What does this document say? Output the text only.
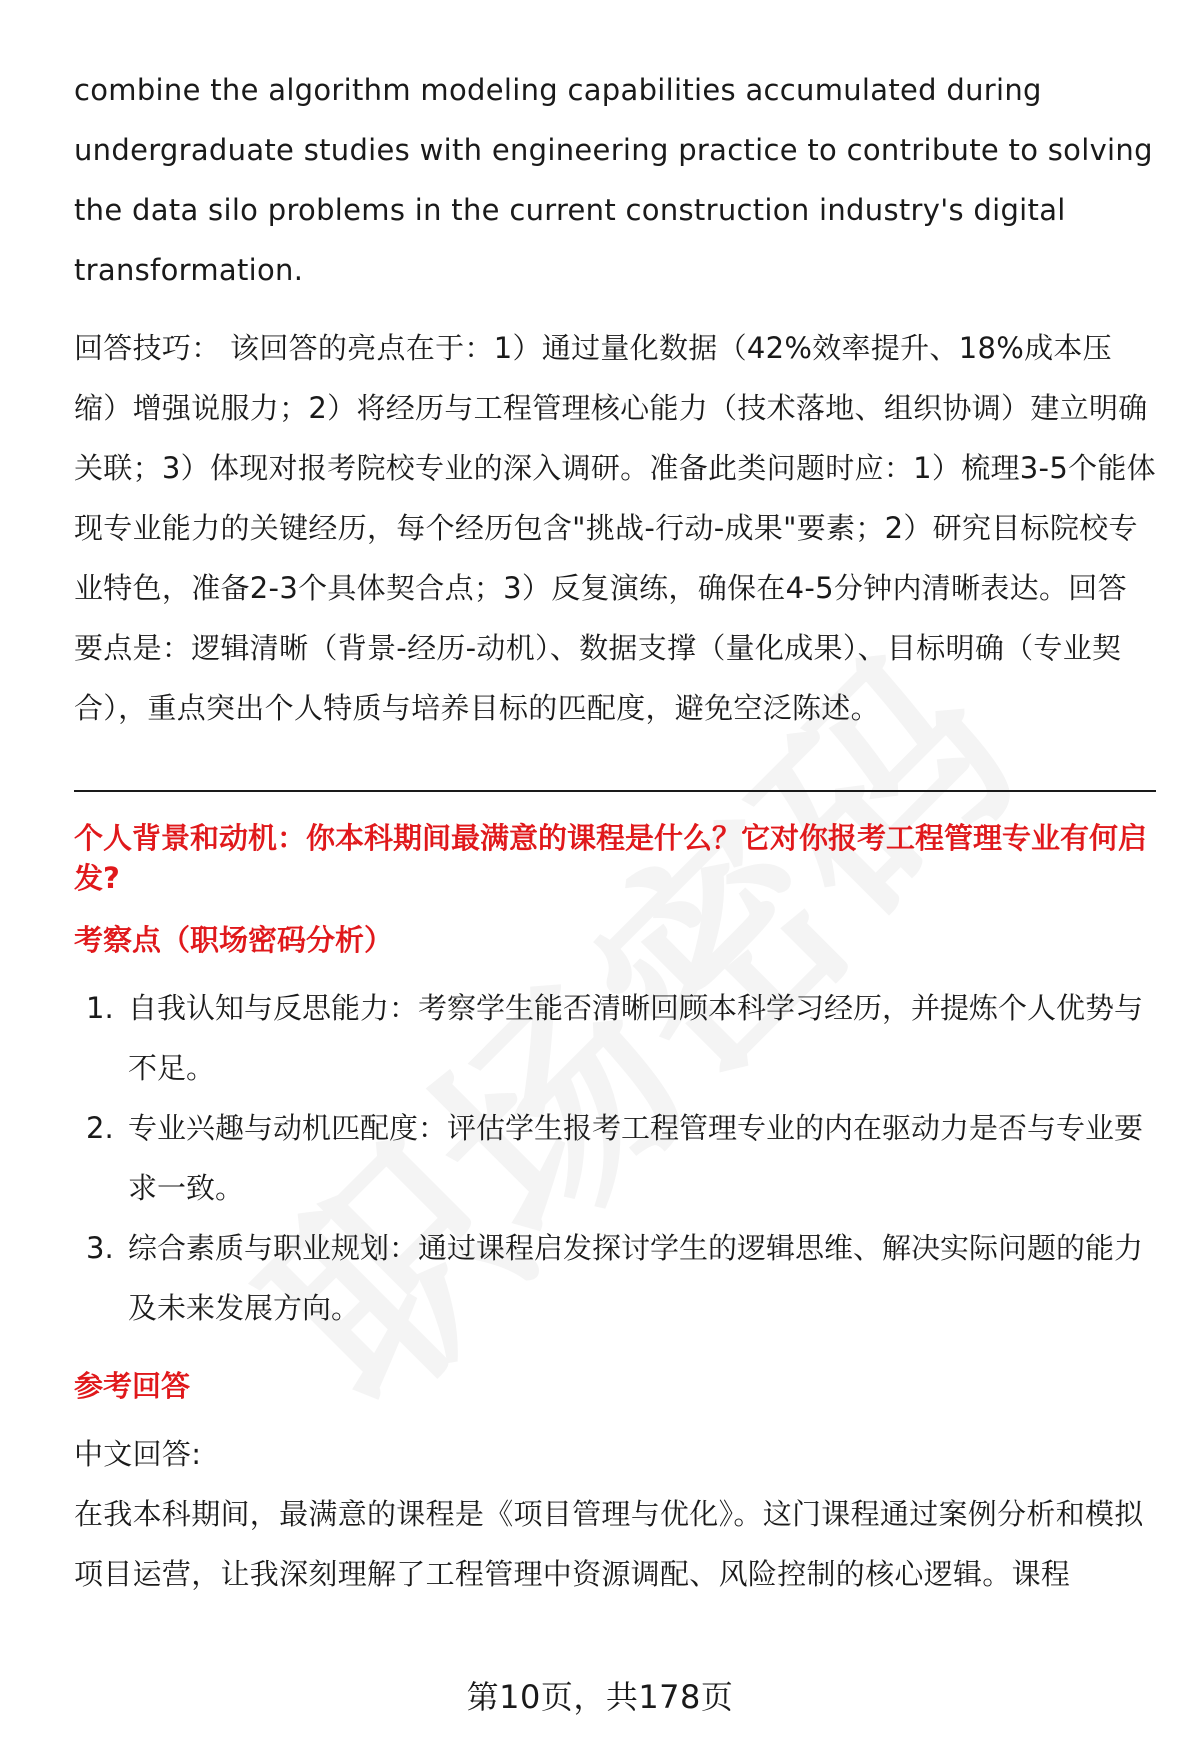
combine the algorithm modeling capabilities accumulated during undergraduate studies with engineering practice to contribute to solving the data silo problems in the current construction industry's digital transformation.

回答技巧： 该回答的亮点在于：1）通过量化数据（42%效率提升、18%成本压缩）增强说服力；2）将经历与工程管理核心能力（技术落地、组织协调）建立明确关联；3）体现对报考院校专业的深入调研。准备此类问题时应：1）梳理3-5个能体现专业能力的关键经历，每个经历包含"挑战-行动-成果"要素；2）研究目标院校专业特色，准备2-3个具体契合点；3）反复演练，确保在4-5分钟内清晰表达。回答要点是：逻辑清晰（背景-经历-动机）、数据支撑（量化成果）、目标明确（专业契合），重点突出个人特质与培养目标的匹配度，避免空泛陈述。

个人背景和动机：你本科期间最满意的课程是什么？它对你报考工程管理专业有何启发?

考察点（职场密码分析）

1. 自我认知与反思能力：考察学生能否清晰回顾本科学习经历，并提炼个人优势与不足。
2. 专业兴趣与动机匹配度：评估学生报考工程管理专业的内在驱动力是否与专业要求一致。
3. 综合素质与职业规划：通过课程启发探讨学生的逻辑思维、解决实际问题的能力及未来发展方向。

参考回答

中文回答:

在我本科期间，最满意的课程是《项目管理与优化》。这门课程通过案例分析和模拟项目运营，让我深刻理解了工程管理中资源调配、风险控制的核心逻辑。课程

第10页，共178页
